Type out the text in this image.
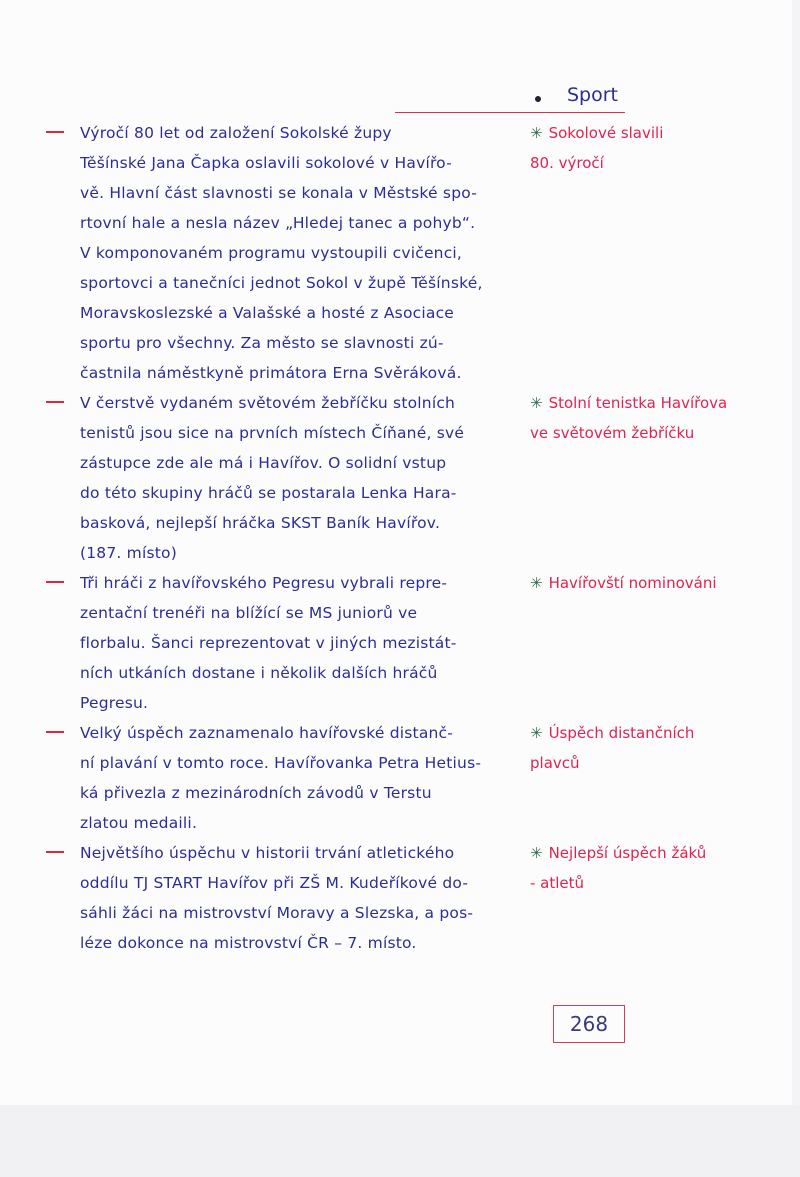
Sport
Výročí 80 let od založení Sokolské župy
Těšínské Jana Čapka oslavili sokolové v Havířo-
vě. Hlavní část slavnosti se konala v Městské spo-
rtovní hale a nesla název „Hledej tanec a pohyb“.
V komponovaném programu vystoupili cvičenci,
sportovci a tanečníci jednot Sokol v župě Těšínské,
Moravskoslezské a Valašské a hosté z Asociace
sportu pro všechny. Za město se slavnosti zú-
častnila náměstkyně primátora Erna Svěráková.
✳ Sokolové slavili
80. výročí
V čerstvě vydaném světovém žebříčku stolních
tenistů jsou sice na prvních místech Číňané, své
zástupce zde ale má i Havířov. O solidní vstup
do této skupiny hráčů se postarala Lenka Hara-
basková, nejlepší hráčka SKST Baník Havířov.
(187. místo)
✳ Stolní tenistka Havířova
ve světovém žebříčku
Tři hráči z havířovského Pegresu vybrali repre-
zentační trenéři na blížící se MS juniorů ve
florbalu. Šanci reprezentovat v jiných mezistát-
ních utkáních dostane i několik dalších hráčů
Pegresu.
✳ Havířovští nominováni
Velký úspěch zaznamenalo havířovské distanč-
ní plavání v tomto roce. Havířovanka Petra Hetius-
ká přivezla z mezinárodních závodů v Terstu
zlatou medaili.
✳ Úspěch distančních
plavců
Největšího úspěchu v historii trvání atletického
oddílu TJ START Havířov při ZŠ M. Kudeříkové do-
sáhli žáci na mistrovství Moravy a Slezska, a pos-
léze dokonce na mistrovství ČR – 7. místo.
✳ Nejlepší úspěch žáků
- atletů
268
